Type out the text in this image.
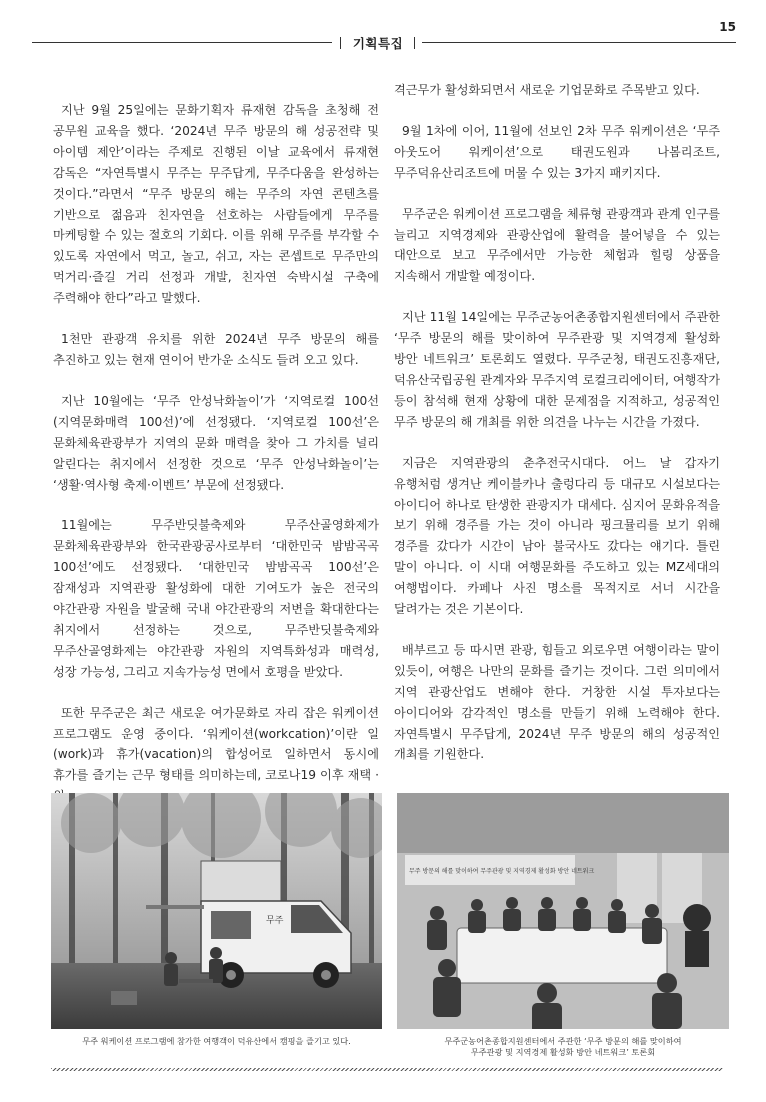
15
기획특집

지난 9월 25일에는 문화기획자 류재현 감독을 초청해 전 공무원 교육을 했다. ‘2024년 무주 방문의 해 성공전략 및 아이템 제안’이라는 주제로 진행된 이날 교육에서 류재현 감독은 “자연특별시 무주는 무주답게, 무주다움을 완성하는 것이다.”라면서 “무주 방문의 해는 무주의 자연 콘텐츠를 기반으로 젊음과 친자연을 선호하는 사람들에게 무주를 마케팅할 수 있는 절호의 기회다. 이를 위해 무주를 부각할 수 있도록 자연에서 먹고, 놀고, 쉬고, 자는 콘셉트로 무주만의 먹거리·즐길 거리 선정과 개발, 친자연 숙박시설 구축에 주력해야 한다”라고 말했다.

1천만 관광객 유치를 위한 2024년 무주 방문의 해를 추진하고 있는 현재 연이어 반가운 소식도 들려 오고 있다.

지난 10월에는 ‘무주 안성낙화놀이’가 ‘지역로컬 100선(지역문화매력 100선)’에 선정됐다. ‘지역로컬 100선’은 문화체육관광부가 지역의 문화 매력을 찾아 그 가치를 널리 알린다는 취지에서 선정한 것으로 ‘무주 안성낙화놀이’는 ‘생활·역사형 축제·이벤트’ 부문에 선정됐다.

11월에는 무주반딧불축제와 무주산골영화제가 문화체육관광부와 한국관광공사로부터 ‘대한민국 밤밤곡곡 100선’에도 선정됐다. ‘대한민국 밤밤곡곡 100선’은 잠재성과 지역관광 활성화에 대한 기여도가 높은 전국의 야간관광 자원을 발굴해 국내 야간관광의 저변을 확대한다는 취지에서 선정하는 것으로, 무주반딧불축제와 무주산골영화제는 야간관광 자원의 지역특화성과 매력성, 성장 가능성, 그리고 지속가능성 면에서 호평을 받았다.

또한 무주군은 최근 새로운 여가문화로 자리 잡은 워케이션 프로그램도 운영 중이다. ‘워케이션(workcation)’이란 일(work)과 휴가(vacation)의 합성어로 일하면서 동시에 휴가를 즐기는 근무 형태를 의미하는데, 코로나19 이후 재택 ·

격근무가 활성화되면서 새로운 기업문화로 주목받고 있다.

9월 1차에 이어, 11월에 선보인 2차 무주 워케이션은 ‘무주 아웃도어 워케이션’으로 태권도원과 나봄리조트, 무주덕유산리조트에 머물 수 있는 3가지 패키지다.

무주군은 워케이션 프로그램을 체류형 관광객과 관계 인구를 늘리고 지역경제와 관광산업에 활력을 불어넣을 수 있는 대안으로 보고 무주에서만 가능한 체험과 힐링 상품을 지속해서 개발할 예정이다.

지난 11월 14일에는 무주군농어촌종합지원센터에서 주관한 ‘무주 방문의 해를 맞이하여 무주관광 및 지역경제 활성화 방안 네트워크’ 토론회도 열렸다. 무주군청, 태권도진흥재단, 덕유산국립공원 관계자와 무주지역 로컬크리에이터, 여행작가 등이 참석해 현재 상황에 대한 문제점을 지적하고, 성공적인 무주 방문의 해 개최를 위한 의견을 나누는 시간을 가졌다.

지금은 지역관광의 춘추전국시대다. 어느 날 갑자기 유행처럼 생겨난 케이블카나 출렁다리 등 대규모 시설보다는 아이디어 하나로 탄생한 관광지가 대세다. 심지어 문화유적을 보기 위해 경주를 가는 것이 아니라 핑크뮬리를 보기 위해 경주를 갔다가 시간이 남아 불국사도 갔다는 얘기다. 틀린 말이 아니다. 이 시대 여행문화를 주도하고 있는 MZ세대의 여행법이다. 카페나 사진 명소를 목적지로 서너 시간을 달려가는 것은 기본이다.

배부르고 등 따시면 관광, 힘들고 외로우면 여행이라는 말이 있듯이, 여행은 나만의 문화를 즐기는 것이다. 그런 의미에서 지역 관광산업도 변해야 한다. 거창한 시설 투자보다는 아이디어와 감각적인 명소를 만들기 위해 노력해야 한다. 자연특별시 무주답게, 2024년 무주 방문의 해의 성공적인 개최를 기원한다.

무주
무주 워케이션 프로그램에 참가한 여행객이 덕유산에서 캠핑을 즐기고 있다.
무주 방문의 해를 맞이하여 무주관광 및 지역경제 활성화 방안 네트워크
무주군농어촌종합지원센터에서 주관한 ‘무주 방문의 해를 맞이하여
무주관광 및 지역경제 활성화 방안 네트워크’ 토론회
